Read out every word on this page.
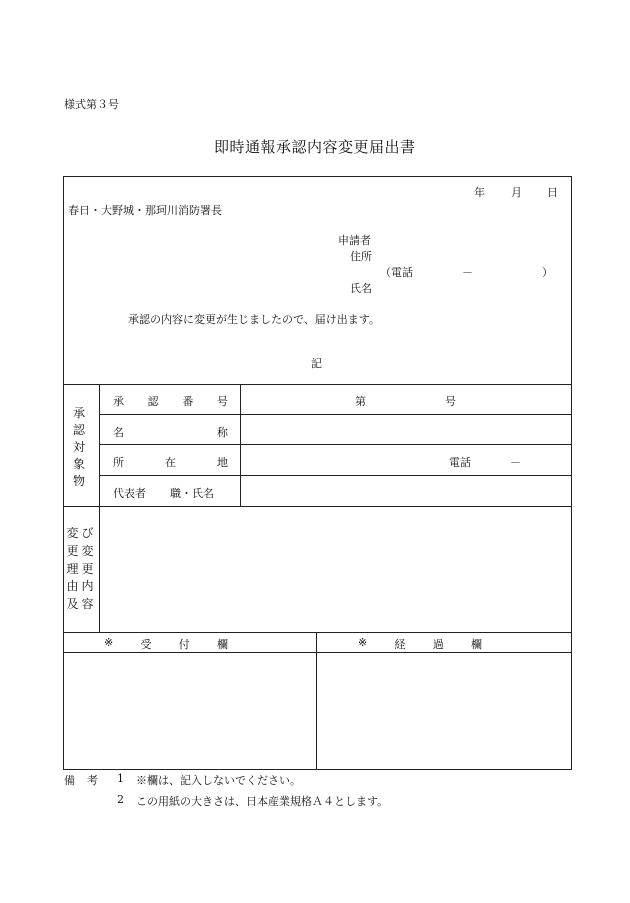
様式第３号
即時通報承認内容変更届出書
年 月 日
春日・大野城・那珂川消防署長
申請者
住所
（電話	－	）
氏名
承認の内容に変更が生じましたので、届け出ます。
記
承
認
対
象
物
承 認 番 号	第	号
名	称
所	在	地	電話	－
代表者 職・氏名
変
更
理
由
及
び
変
更
内
容
※ 受 付 欄	※ 経 過 欄
備 考 1 ※欄は、記入しないでください。
2 この用紙の大きさは、日本産業規格Ａ４とします。
